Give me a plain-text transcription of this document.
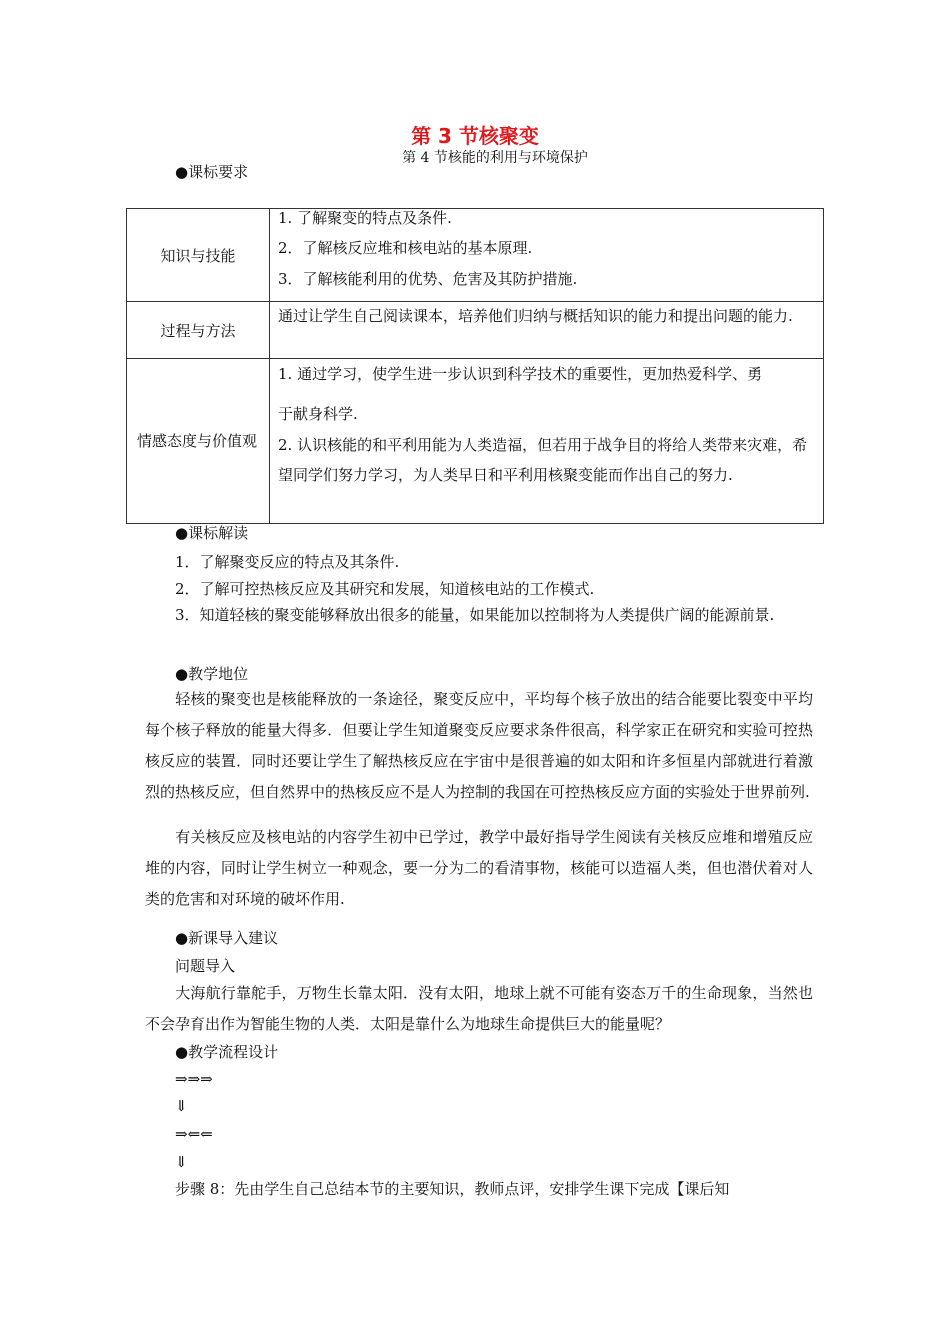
第 3 节核聚变
第 4 节核能的利用与环境保护
●课标要求
知识与技能	1. 了解聚变的特点及条件.
2．了解核反应堆和核电站的基本原理.
3．了解核能利用的优势、危害及其防护措施.

过程与方法	通过让学生自己阅读课本，培养他们归纳与概括知识的能力和提出问题的能力.

情感态度与价值观	1. 通过学习，使学生进一步认识到科学技术的重要性，更加热爱科学、勇
于献身科学.
2. 认识核能的和平利用能为人类造福，但若用于战争目的将给人类带来灾难，希望同学们努力学习，为人类早日和平利用核聚变能而作出自己的努力.
●课标解读
1．了解聚变反应的特点及其条件.
2．了解可控热核反应及其研究和发展，知道核电站的工作模式.
3．知道轻核的聚变能够释放出很多的能量，如果能加以控制将为人类提供广阔的能源前景.
●教学地位
轻核的聚变也是核能释放的一条途径，聚变反应中，平均每个核子放出的结合能要比裂变中平均每个核子释放的能量大得多．但要让学生知道聚变反应要求条件很高，科学家正在研究和实验可控热核反应的装置．同时还要让学生了解热核反应在宇宙中是很普遍的如太阳和许多恒星内部就进行着激烈的热核反应，但自然界中的热核反应不是人为控制的我国在可控热核反应方面的实验处于世界前列.
有关核反应及核电站的内容学生初中已学过，教学中最好指导学生阅读有关核反应堆和增殖反应堆的内容，同时让学生树立一种观念，要一分为二的看清事物，核能可以造福人类，但也潜伏着对人类的危害和对环境的破坏作用.
●新课导入建议
问题导入
大海航行靠舵手，万物生长靠太阳．没有太阳，地球上就不可能有姿态万千的生命现象，当然也不会孕育出作为智能生物的人类．太阳是靠什么为地球生命提供巨大的能量呢？
●教学流程设计
⇒⇒⇒
⇓
⇒⇐⇐
⇓
步骤 8：先由学生自己总结本节的主要知识，教师点评，安排学生课下完成【课后知
